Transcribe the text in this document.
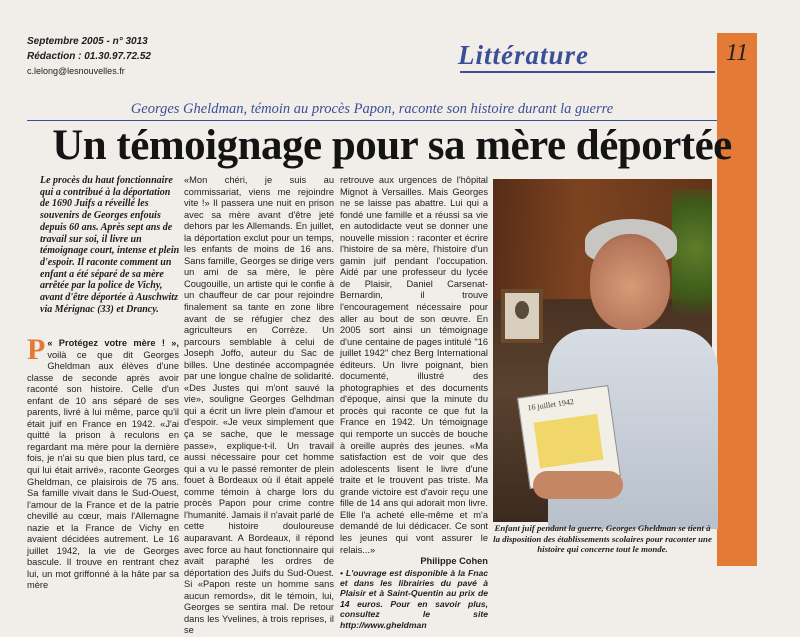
Septembre 2005 - n° 3013
Rédaction : 01.30.97.72.52
c.lelong@lesnouvelles.fr
Littérature	11
Georges Gheldman, témoin au procès Papon, raconte son histoire durant la guerre
Un témoignage pour sa mère déportée
Le procès du haut fonctionnaire qui a contribué à la déportation de 1690 Juifs a réveillé les souvenirs de Georges enfouis depuis 60 ans. Après sept ans de travail sur soi, il livre un témoignage court, intense et plein d'espoir. Il raconte comment un enfant a été séparé de sa mère arrêtée par la police de Vichy, avant d'être déportée à Auschwitz via Mérignac (33) et Drancy.

P « Protégez votre mère ! », voilà ce que dit Georges Gheldman aux élèves d'une classe de seconde après avoir raconté son histoire. Celle d'un enfant de 10 ans séparé de ses parents, livré à lui même, parce qu'il était juif en France en 1942. «J'ai quitté la prison à reculons en regardant ma mère pour la dernière fois, je n'ai su que bien plus tard, ce qui lui était arrivé», raconte Georges Gheldman, ce plaisirois de 75 ans. Sa famille vivait dans le Sud-Ouest, l'amour de la France et de la patrie chevillé au cœur, mais l'Allemagne nazie et la France de Vichy en avaient décidées autrement. Le 16 juillet 1942, la vie de Georges bascule. Il trouve en rentrant chez lui, un mot griffonné à la hâte par sa mère

«Mon chéri, je suis au commissariat, viens me rejoindre vite !» Il passera une nuit en prison avec sa mère avant d'être jeté dehors par les Allemands. En juillet, la déportation exclut pour un temps, les enfants de moins de 16 ans. Sans famille, Georges se dirige vers un ami de sa mère, le père Cougouille, un artiste qui le confie à un chauffeur de car pour rejoindre finalement sa tante en zone libre avant de se réfugier chez des agriculteurs en Corrèze. Un parcours semblable à celui de Joseph Joffo, auteur du Sac de billes. Une destinée accompagnée par une longue chaîne de solidarité. «Des Justes qui m'ont sauvé la vie», souligne Georges Gelhdman qui a écrit un livre plein d'amour et d'espoir. «Je veux simplement que ça se sache, que le message passe», explique-t-il. Un travail aussi nécessaire pour cet homme qui a vu le passé remonter de plein fouet à Bordeaux où il était appelé comme témoin à charge lors du procès Papon pour crime contre l'humanité. Jamais il n'avait parlé de cette histoire douloureuse auparavant. A Bordeaux, il répond avec force au haut fonctionnaire qui avait paraphé les ordres de déportation des Juifs du Sud-Ouest. Si «Papon reste un homme sans aucun remords», dit le témoin, lui, Georges se sentira mal. De retour dans les Yvelines, à trois reprises, il se

retrouve aux urgences de l'hôpital Mignot à Versailles. Mais Georges ne se laisse pas abattre. Lui qui a fondé une famille et a réussi sa vie en autodidacte veut se donner une nouvelle mission : raconter et écrire l'histoire de sa mère, l'histoire d'un gamin juif pendant l'occupation. Aidé par une professeur du lycée de Plaisir, Daniel Carsenat-Bernardin, il trouve l'encouragement nécessaire pour aller au bout de son œuvre. En 2005 sort ainsi un témoignage d'une centaine de pages intitulé "16 juillet 1942" chez Berg International éditeurs. Un livre poignant, bien documenté, illustré des photographies et des documents d'époque, ainsi que la minute du procès qui raconte ce que fut la France en 1942. Un témoignage qui remporte un succès de bouche à oreille auprès des jeunes. «Ma satisfaction est de voir que des adolescents lisent le livre d'une traite et le trouvent pas triste. Ma grande victoire est d'avoir reçu une fille de 14 ans qui adorait mon livre. Elle l'a acheté elle-même et m'a demandé de lui dédicacer. Ce sont les jeunes qui vont assurer le relais...»

Philippe Cohen

• L'ouvrage est disponible à la Fnac et dans les librairies du pavé à Plaisir et à Saint-Quentin au prix de 14 euros. Pour en savoir plus, consultez le site http://www.gheldman

16 juillet 1942
Enfant juif pendant la guerre, Georges Gheldman se tient à la disposition des établissements scolaires pour raconter une histoire qui concerne tout le monde.
